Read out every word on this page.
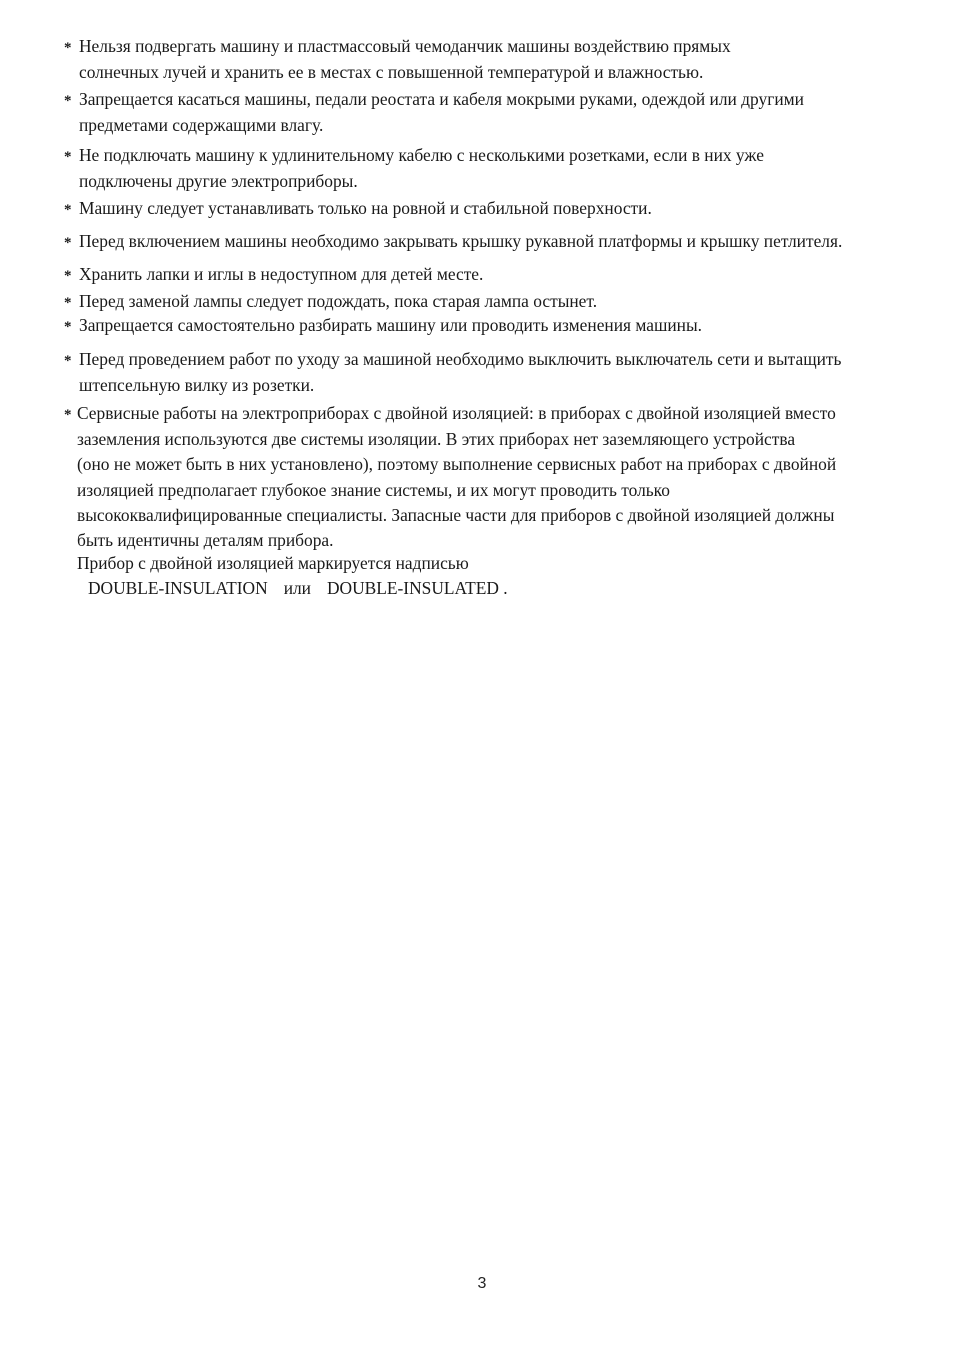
* Нельзя подвергать машину и пластмассовый чемоданчик машины воздействию прямых
солнечных лучей и хранить ее в местах с повышенной температурой и влажностью.
* Запрещается касаться машины, педали реостата и кабеля мокрыми руками, одеждой или другими
предметами содержащими влагу.
* Не подключать машину к удлинительному кабелю с несколькими розетками, если в них уже
подключены другие электроприборы.
* Машину следует устанавливать только на ровной и стабильной поверхности.
* Перед включением машины необходимо закрывать крышку рукавной платформы и крышку петлителя.
* Хранить лапки и иглы в недоступном для детей месте.
* Перед заменой лампы следует подождать, пока старая лампа остынет.
* Запрещается самостоятельно разбирать машину или проводить изменения машины.
* Перед проведением работ по уходу за машиной необходимо выключить выключатель сети и вытащить
штепсельную вилку из розетки.
* Сервисные работы на электроприборах с двойной изоляцией: в приборах с двойной изоляцией вместо
заземления используются две системы изоляции. В этих приборах нет заземляющего устройства
(оно не может быть в них установлено), поэтому выполнение сервисных работ на приборах с двойной
изоляцией предполагает глубокое знание системы, и их могут проводить только
высококвалифицированные специалисты. Запасные части для приборов с двойной изоляцией должны
быть идентичны деталям прибора.
Прибор с двойной изоляцией маркируется надписью
DOUBLE-INSULATION или DOUBLE-INSULATED .
3
